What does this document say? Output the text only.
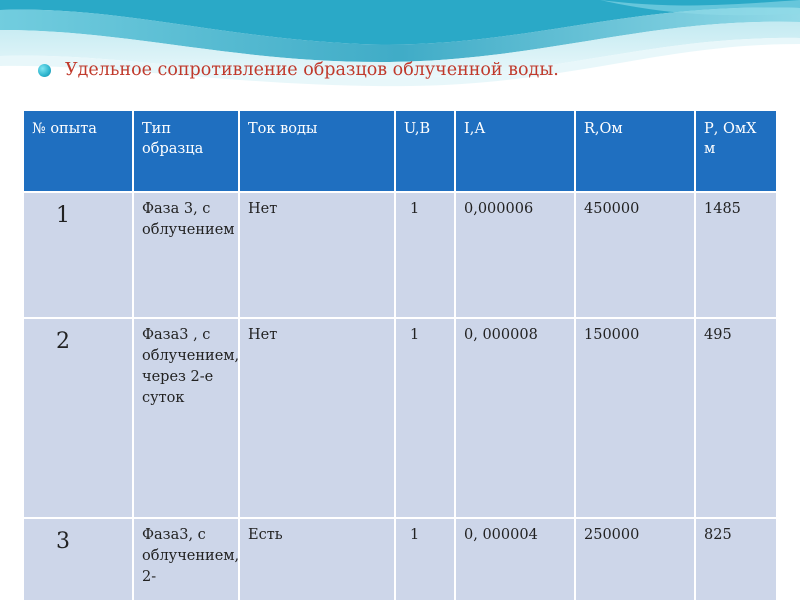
Удельное сопротивление образцов облученной воды.
№ опыта	Тип образца	Ток воды	U,В	I,А	R,Ом	Р, ОмХ м
1	Фаза 3, с облучением	Нет	1	0,000006	450000	1485
2	Фаза3 , с облучением, через 2-е суток	Нет	1	0, 000008	150000	495
3	Фаза3, с облучением, 2-	Есть	1	0, 000004	250000	825
